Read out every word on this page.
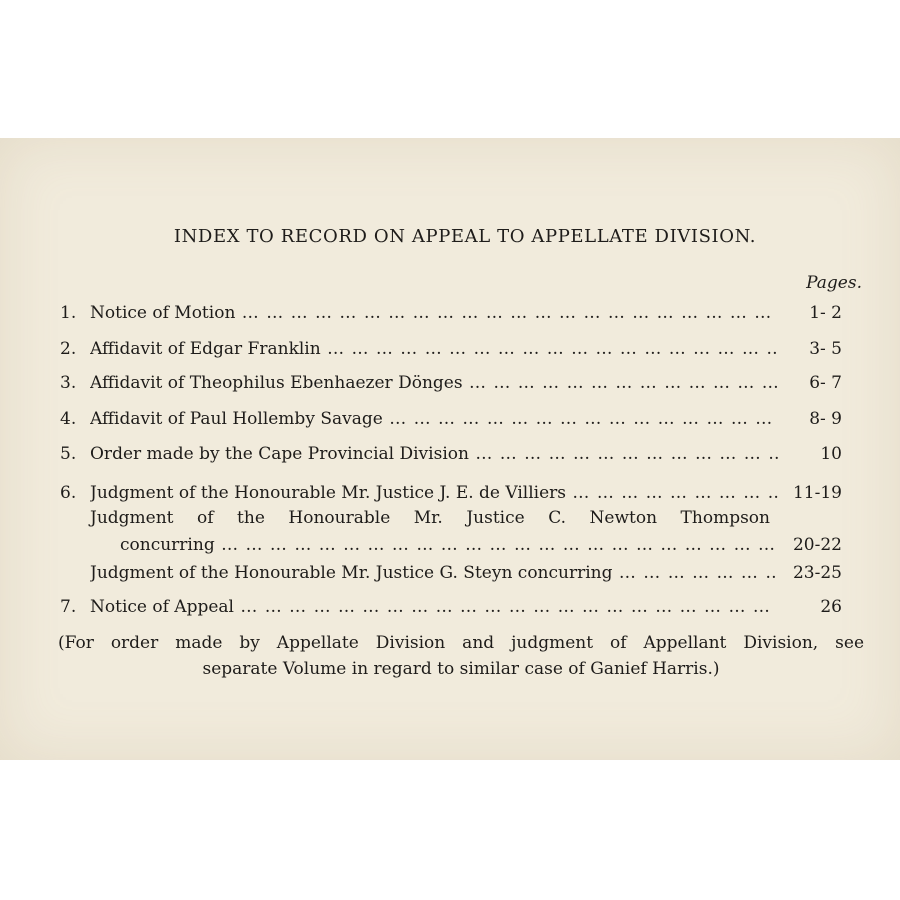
INDEX TO RECORD ON APPEAL TO APPELLATE DIVISION.
Pages.
1. Notice of Motion … … … … … … … … … … … … … … … … … … … … … … … … … … … … … … … … … … …	1- 2
2. Affidavit of Edgar Franklin … … … … … … … … … … … … … … … … … … … … … … … … … … … … … … … … … … …	3- 5
3. Affidavit of Theophilus Ebenhaezer Dönges … … … … … … … … … … … … … … … … … … … … … … … … … … … … … … … … … … …	6- 7
4. Affidavit of Paul Hollemby Savage … … … … … … … … … … … … … … … … … … … … … … … … … … … … … … … … … … …	8- 9
5. Order made by the Cape Provincial Division … … … … … … … … … … … … … … … … … … … … … … … … … … … … … … … … … … …	10
6. Judgment of the Honourable Mr. Justice J. E. de Villiers … … … … … … … … … … … … … … … … … … … … … … … … … … … … … … … … … … …	11-19
Judgment of the Honourable Mr. Justice C. Newton Thompson
concurring … … … … … … … … … … … … … … … … … … … … … … … … … … … … … … … … … … …	20-22
Judgment of the Honourable Mr. Justice G. Steyn concurring … … … … … … … … … … … … … … … … … … … … … … … … … … … … … … … … … … …	23-25
7. Notice of Appeal … … … … … … … … … … … … … … … … … … … … … … … … … … … … … … … … … … …	26
(For order made by Appellate Division and judgment of Appellant Division, see
separate Volume in regard to similar case of Ganief Harris.)
